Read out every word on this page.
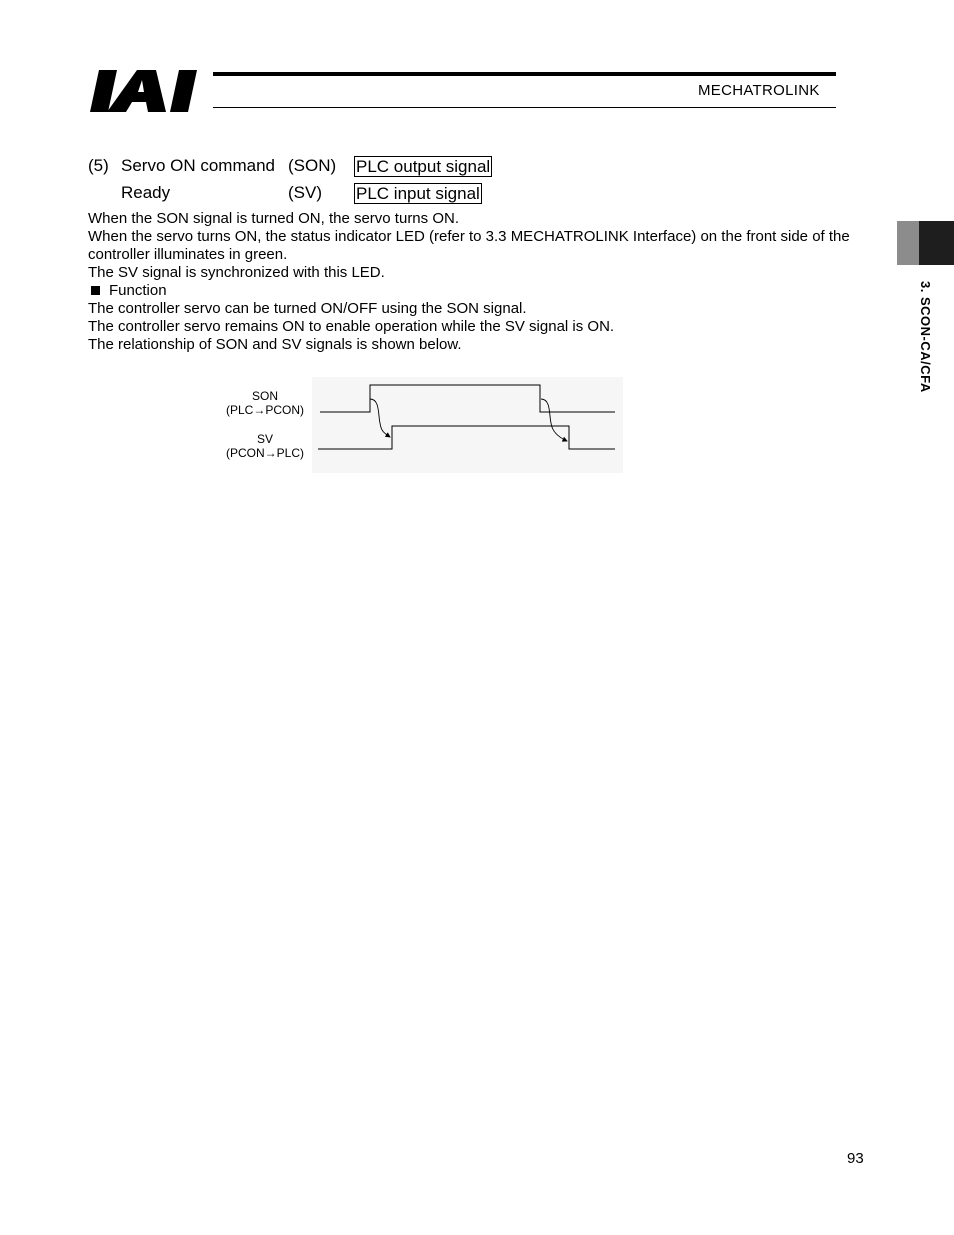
MECHATROLINK
3. SCON-CA/CFA
(5) Servo ON command (SON) PLC output signal
Ready	(SV) PLC input signal

When the SON signal is turned ON, the servo turns ON.

When the servo turns ON, the status indicator LED (refer to 3.3 MECHATROLINK Interface) on the front side of the controller illuminates in green.

The SV signal is synchronized with this LED.

Function

The controller servo can be turned ON/OFF using the SON signal.

The controller servo remains ON to enable operation while the SV signal is ON.

The relationship of SON and SV signals is shown below.

SON
(PLC→PCON)
SV
(PCON→PLC)
93
